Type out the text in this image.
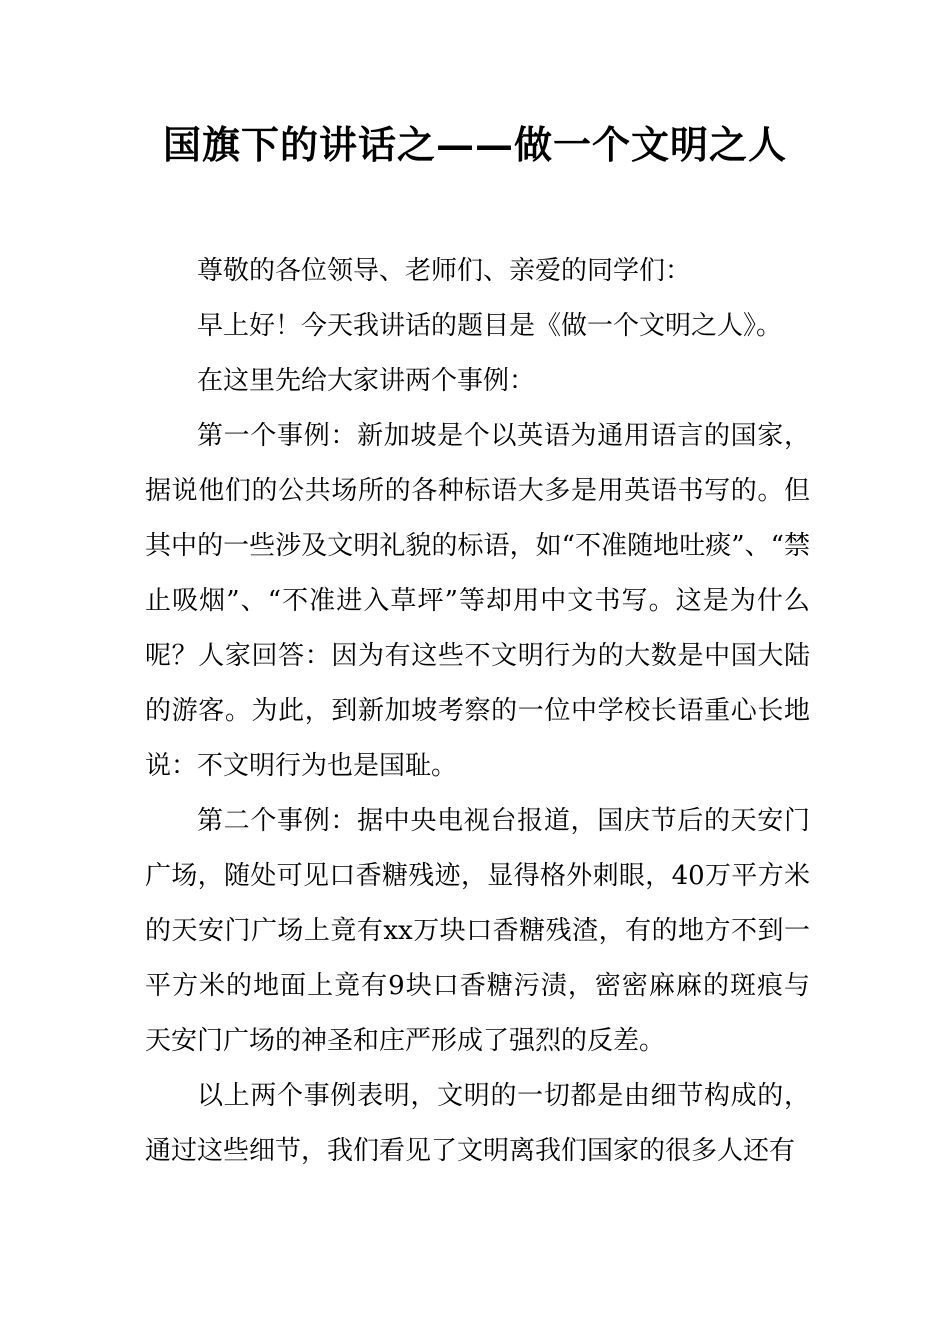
国旗下的讲话之——做一个文明之人

尊敬的各位领导、老师们、亲爱的同学们：

早上好！今天我讲话的题目是《做一个文明之人》。

在这里先给大家讲两个事例：

第一个事例：新加坡是个以英语为通用语言的国家，据说他们的公共场所的各种标语大多是用英语书写的。但其中的一些涉及文明礼貌的标语，如“不准随地吐痰”、“禁止吸烟”、“不准进入草坪”等却用中文书写。这是为什么呢？人家回答：因为有这些不文明行为的大数是中国大陆的游客。为此，到新加坡考察的一位中学校长语重心长地说：不文明行为也是国耻。

第二个事例：据中央电视台报道，国庆节后的天安门广场，随处可见口香糖残迹，显得格外刺眼，40万平方米的天安门广场上竟有xx万块口香糖残渣，有的地方不到一平方米的地面上竟有9块口香糖污渍，密密麻麻的斑痕与天安门广场的神圣和庄严形成了强烈的反差。

以上两个事例表明，文明的一切都是由细节构成的，通过这些细节，我们看见了文明离我们国家的很多人还有
